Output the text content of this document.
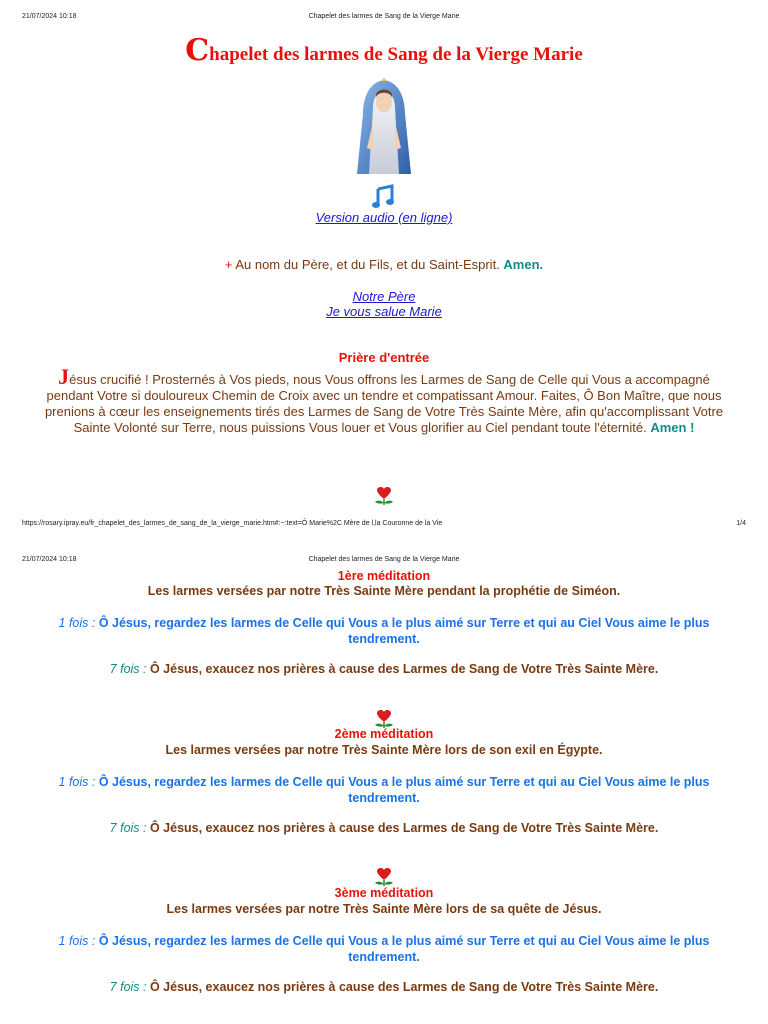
21/07/2024 10:18	Chapelet des larmes de Sang de la Vierge Marie
Chapelet des larmes de Sang de la Vierge Marie
Version audio (en ligne)
+ Au nom du Père, et du Fils, et du Saint-Esprit. Amen.
Notre Père
Je vous salue Marie
Prière d'entrée
Jésus crucifié ! Prosternés à Vos pieds, nous Vous offrons les Larmes de Sang de Celle qui Vous a accompagné pendant Votre si douloureux Chemin de Croix avec un tendre et compatissant Amour. Faites, Ô Bon Maître, que nous prenions à cœur les enseignements tirés des Larmes de Sang de Votre Très Sainte Mère, afin qu'accomplissant Votre Sainte Volonté sur Terre, nous puissions Vous louer et Vous glorifier au Ciel pendant toute l'éternité. Amen !
https://rosary.ipray.eu/fr_chapelet_des_larmes_de_sang_de_la_vierge_marie.htm#:~:text=Ô Marie%2C Mère de l,la Couronne de la Vie	1/4
21/07/2024 10:18	Chapelet des larmes de Sang de la Vierge Marie
1ère méditation
Les larmes versées par notre Très Sainte Mère pendant la prophétie de Siméon.
1 fois : Ô Jésus, regardez les larmes de Celle qui Vous a le plus aimé sur Terre et qui au Ciel Vous aime le plus tendrement.
7 fois : Ô Jésus, exaucez nos prières à cause des Larmes de Sang de Votre Très Sainte Mère.
2ème méditation
Les larmes versées par notre Très Sainte Mère lors de son exil en Égypte.
1 fois : Ô Jésus, regardez les larmes de Celle qui Vous a le plus aimé sur Terre et qui au Ciel Vous aime le plus tendrement.
7 fois : Ô Jésus, exaucez nos prières à cause des Larmes de Sang de Votre Très Sainte Mère.
3ème méditation
Les larmes versées par notre Très Sainte Mère lors de sa quête de Jésus.
1 fois : Ô Jésus, regardez les larmes de Celle qui Vous a le plus aimé sur Terre et qui au Ciel Vous aime le plus tendrement.
7 fois : Ô Jésus, exaucez nos prières à cause des Larmes de Sang de Votre Très Sainte Mère.
